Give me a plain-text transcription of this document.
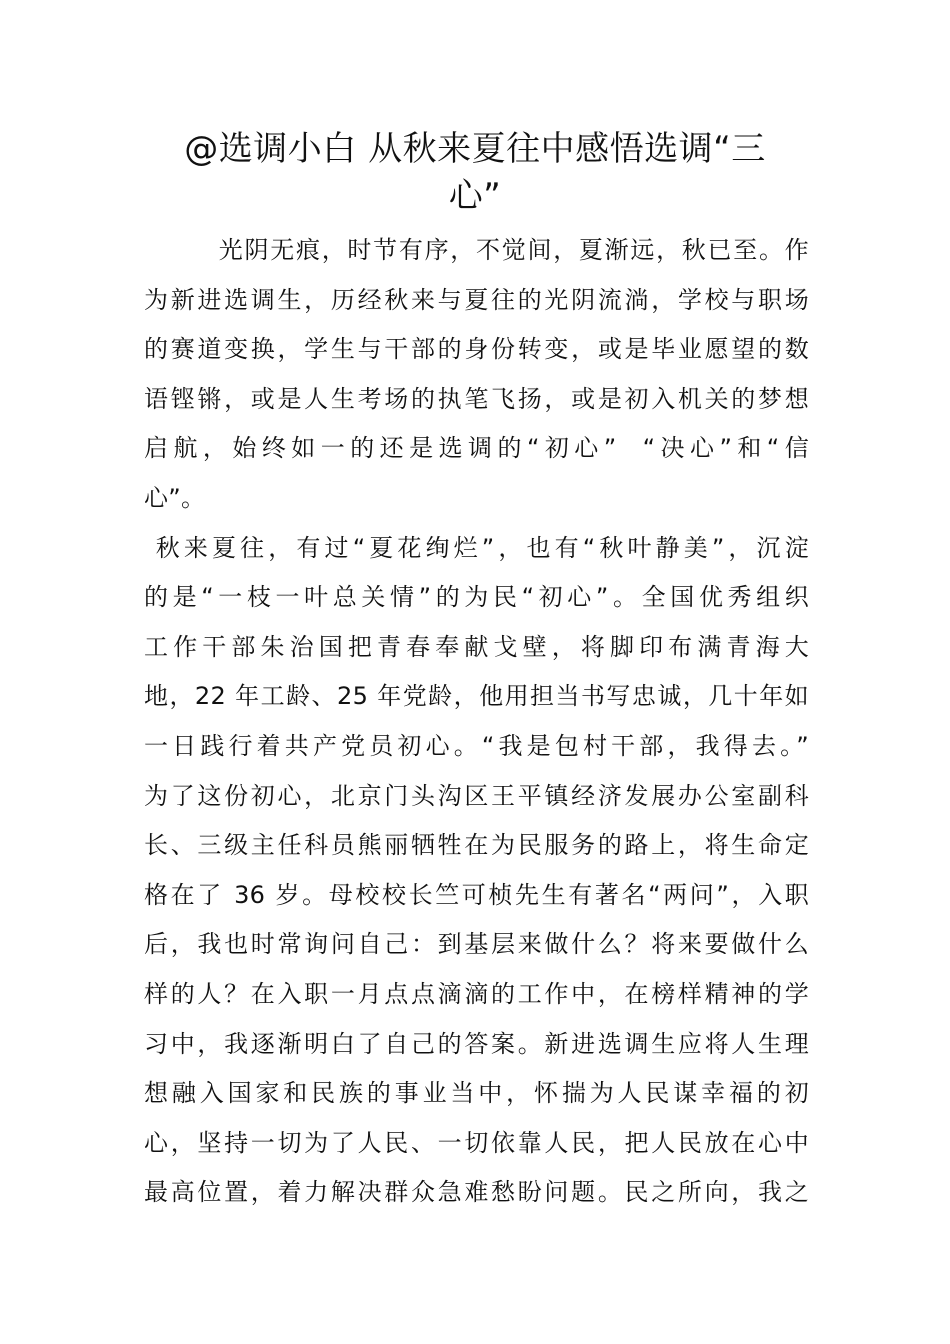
@选调小白 从秋来夏往中感悟选调“三
心”
光阴无痕，时节有序，不觉间，夏渐远，秋已至。作
为新进选调生，历经秋来与夏往的光阴流淌，学校与职场
的赛道变换，学生与干部的身份转变，或是毕业愿望的数
语铿锵，或是人生考场的执笔飞扬，或是初入机关的梦想
启航，始终如一的还是选调的“初心”  “决心”和“信
心”。
秋来夏往，有过“夏花绚烂”，也有“秋叶静美”，沉淀
的是“一枝一叶总关情”的为民“初心”。全国优秀组织
工作干部朱治国把青春奉献戈壁，将脚印布满青海大
地，22 年工龄、25 年党龄，他用担当书写忠诚，几十年如
一日践行着共产党员初心。“我是包村干部，我得去。”
为了这份初心，北京门头沟区王平镇经济发展办公室副科
长、三级主任科员熊丽牺牲在为民服务的路上，将生命定
格在了 36 岁。母校校长竺可桢先生有著名“两问”，入职
后，我也时常询问自己：到基层来做什么？将来要做什么
样的人？在入职一月点点滴滴的工作中，在榜样精神的学
习中，我逐渐明白了自己的答案。新进选调生应将人生理
想融入国家和民族的事业当中，怀揣为人民谋幸福的初
心，坚持一切为了人民、一切依靠人民，把人民放在心中
最高位置，着力解决群众急难愁盼问题。民之所向，我之
